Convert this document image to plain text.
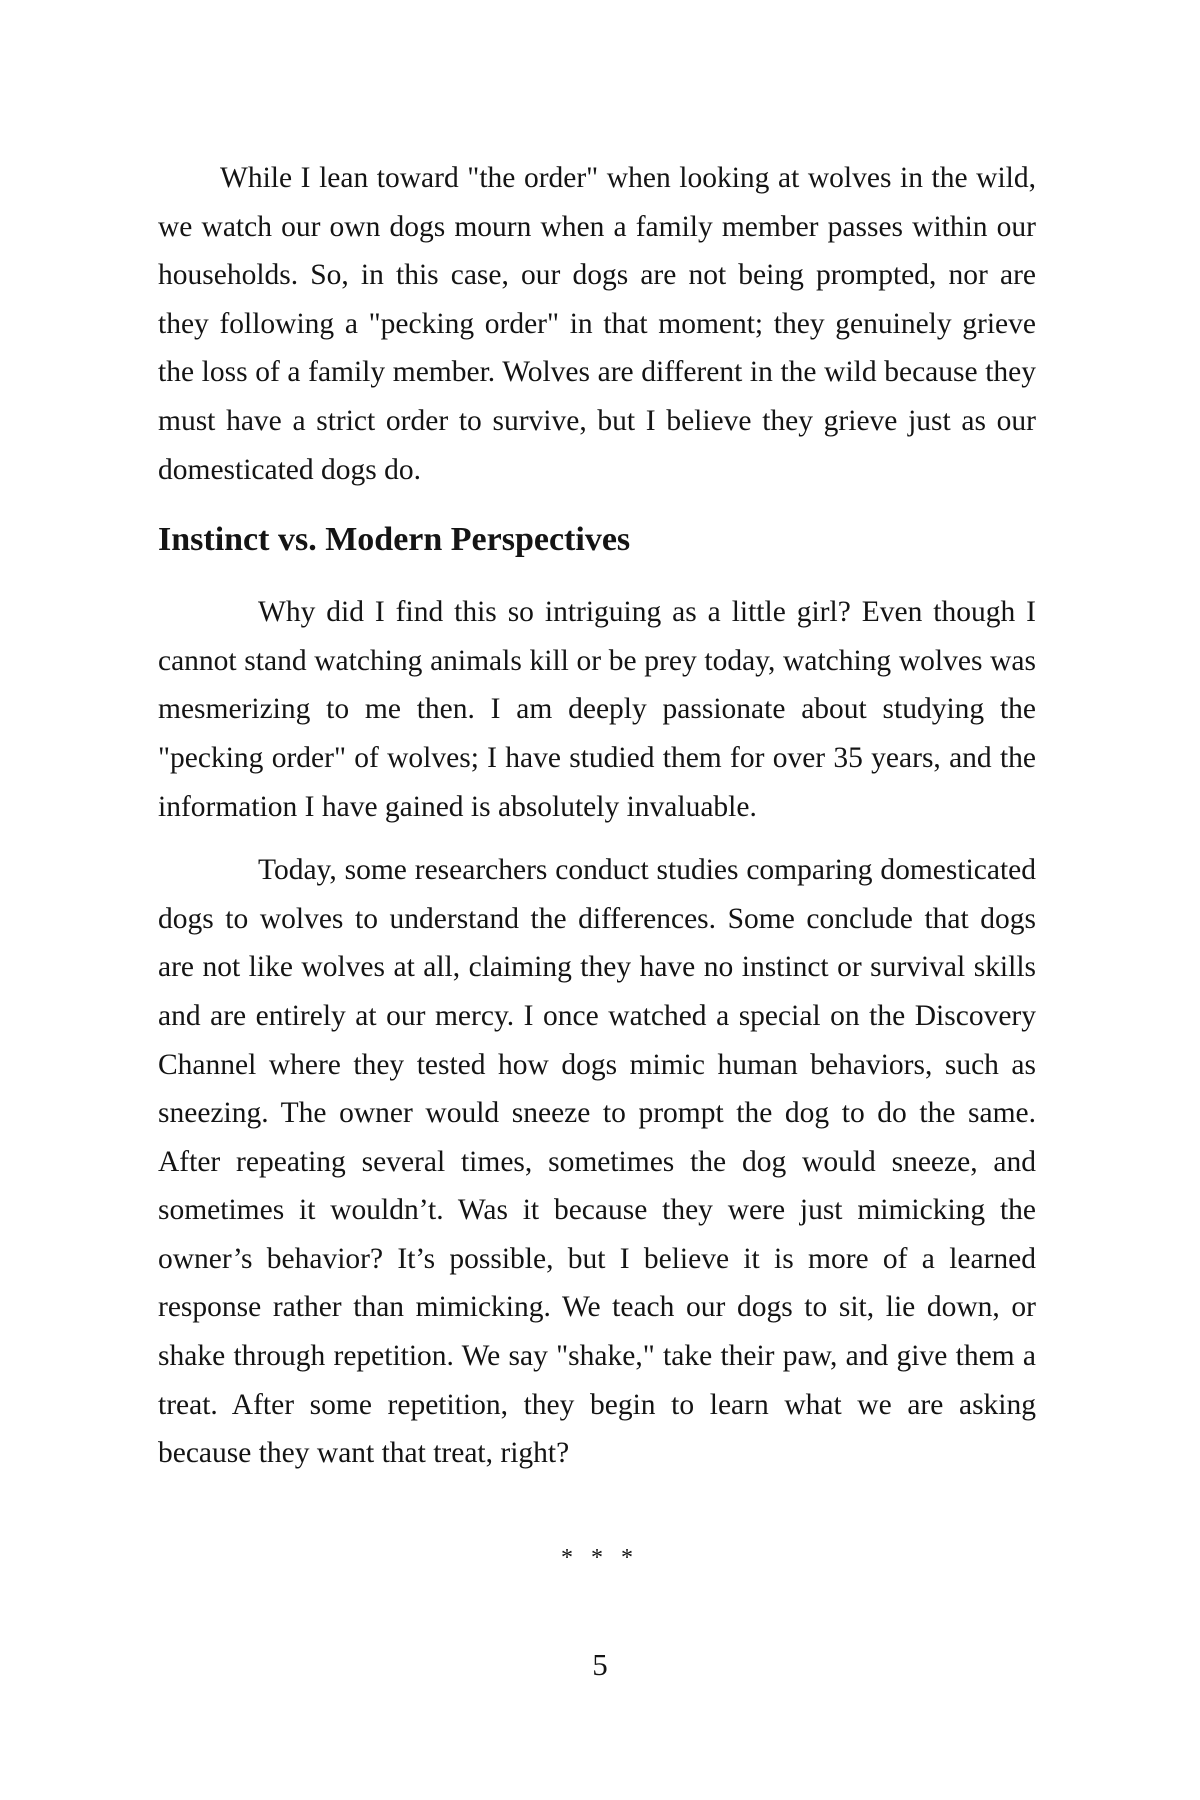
While I lean toward "the order" when looking at wolves in the wild, we watch our own dogs mourn when a family member passes within our households. So, in this case, our dogs are not being prompted, nor are they following a "pecking order" in that moment; they genuinely grieve the loss of a family member. Wolves are different in the wild because they must have a strict order to survive, but I believe they grieve just as our domesticated dogs do.

Instinct vs. Modern Perspectives

Why did I find this so intriguing as a little girl? Even though I cannot stand watching animals kill or be prey today, watching wolves was mesmerizing to me then. I am deeply passionate about studying the "pecking order" of wolves; I have studied them for over 35 years, and the information I have gained is absolutely invaluable.

Today, some researchers conduct studies comparing domesticated dogs to wolves to understand the differences. Some conclude that dogs are not like wolves at all, claiming they have no instinct or survival skills and are entirely at our mercy. I once watched a special on the Discovery Channel where they tested how dogs mimic human behaviors, such as sneezing. The owner would sneeze to prompt the dog to do the same. After repeating several times, sometimes the dog would sneeze, and sometimes it wouldn’t. Was it because they were just mimicking the owner’s behavior? It’s possible, but I believe it is more of a learned response rather than mimicking. We teach our dogs to sit, lie down, or shake through repetition. We say "shake," take their paw, and give them a treat. After some repetition, they begin to learn what we are asking because they want that treat, right?

* * *
5
